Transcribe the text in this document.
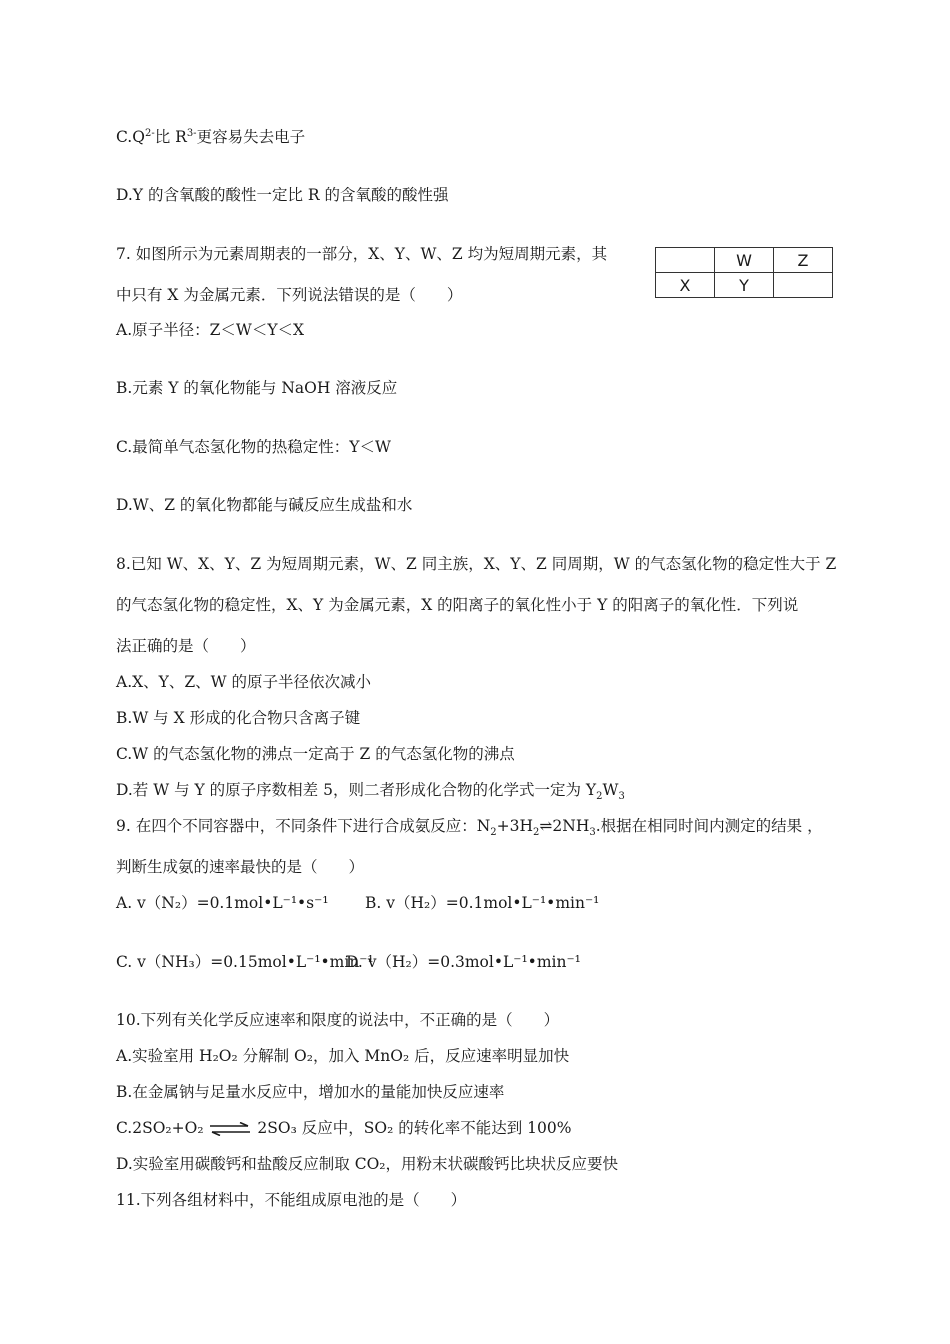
$C.Q^{2-}$比 $R^{3-}$更容易失去电子
D.Y 的含氧酸的酸性一定比 R 的含氧酸的酸性强
7. 如图所示为元素周期表的一部分，X、Y、W、Z 均为短周期元素，其
中只有 X 为金属元素．下列说法错误的是（　　）
	W	Z
X	Y	
A.原子半径：Z＜W＜Y＜X
B.元素 Y 的氧化物能与 NaOH 溶液反应
C.最简单气态氢化物的热稳定性：Y＜W
D.W、Z 的氧化物都能与碱反应生成盐和水
8.已知 W、X、Y、Z 为短周期元素，W、Z 同主族，X、Y、Z 同周期，W 的气态氢化物的稳定性大于 Z
的气态氢化物的稳定性，X、Y 为金属元素，X 的阳离子的氧化性小于 Y 的阳离子的氧化性．下列说
法正确的是（　　）
A.X、Y、Z、W 的原子半径依次减小
B.W 与 X 形成的化合物只含离子键
C.W 的气态氢化物的沸点一定高于 Z 的气态氢化物的沸点
D.若 W 与 Y 的原子序数相差 5，则二者形成化合物的化学式一定为 $Y_2W_3$
9. 在四个不同容器中，不同条件下进行合成氨反应：$N_2+3H_2\rightleftharpoons 2NH_3$.根据在相同时间内测定的结果 ，
判断生成氨的速率最快的是（　　）
A. v（N₂）=0.1mol•L⁻¹•s⁻¹ B. v（H₂）=0.1mol•L⁻¹•min⁻¹
C. v（NH₃）=0.15mol•L⁻¹•min⁻¹
D. v（H₂）=0.3mol•L⁻¹•min⁻¹
10.下列有关化学反应速率和限度的说法中，不正确的是（　　）
A.实验室用 H₂O₂ 分解制 O₂，加入 MnO₂ 后，反应速率明显加快
B.在金属钠与足量水反应中，增加水的量能加快反应速率
C.2SO₂+O₂ ⇌ 2SO₃ 反应中，SO₂ 的转化率不能达到 100%
D.实验室用碳酸钙和盐酸反应制取 CO₂，用粉末状碳酸钙比块状反应要快
11.下列各组材料中，不能组成原电池的是（　　）
